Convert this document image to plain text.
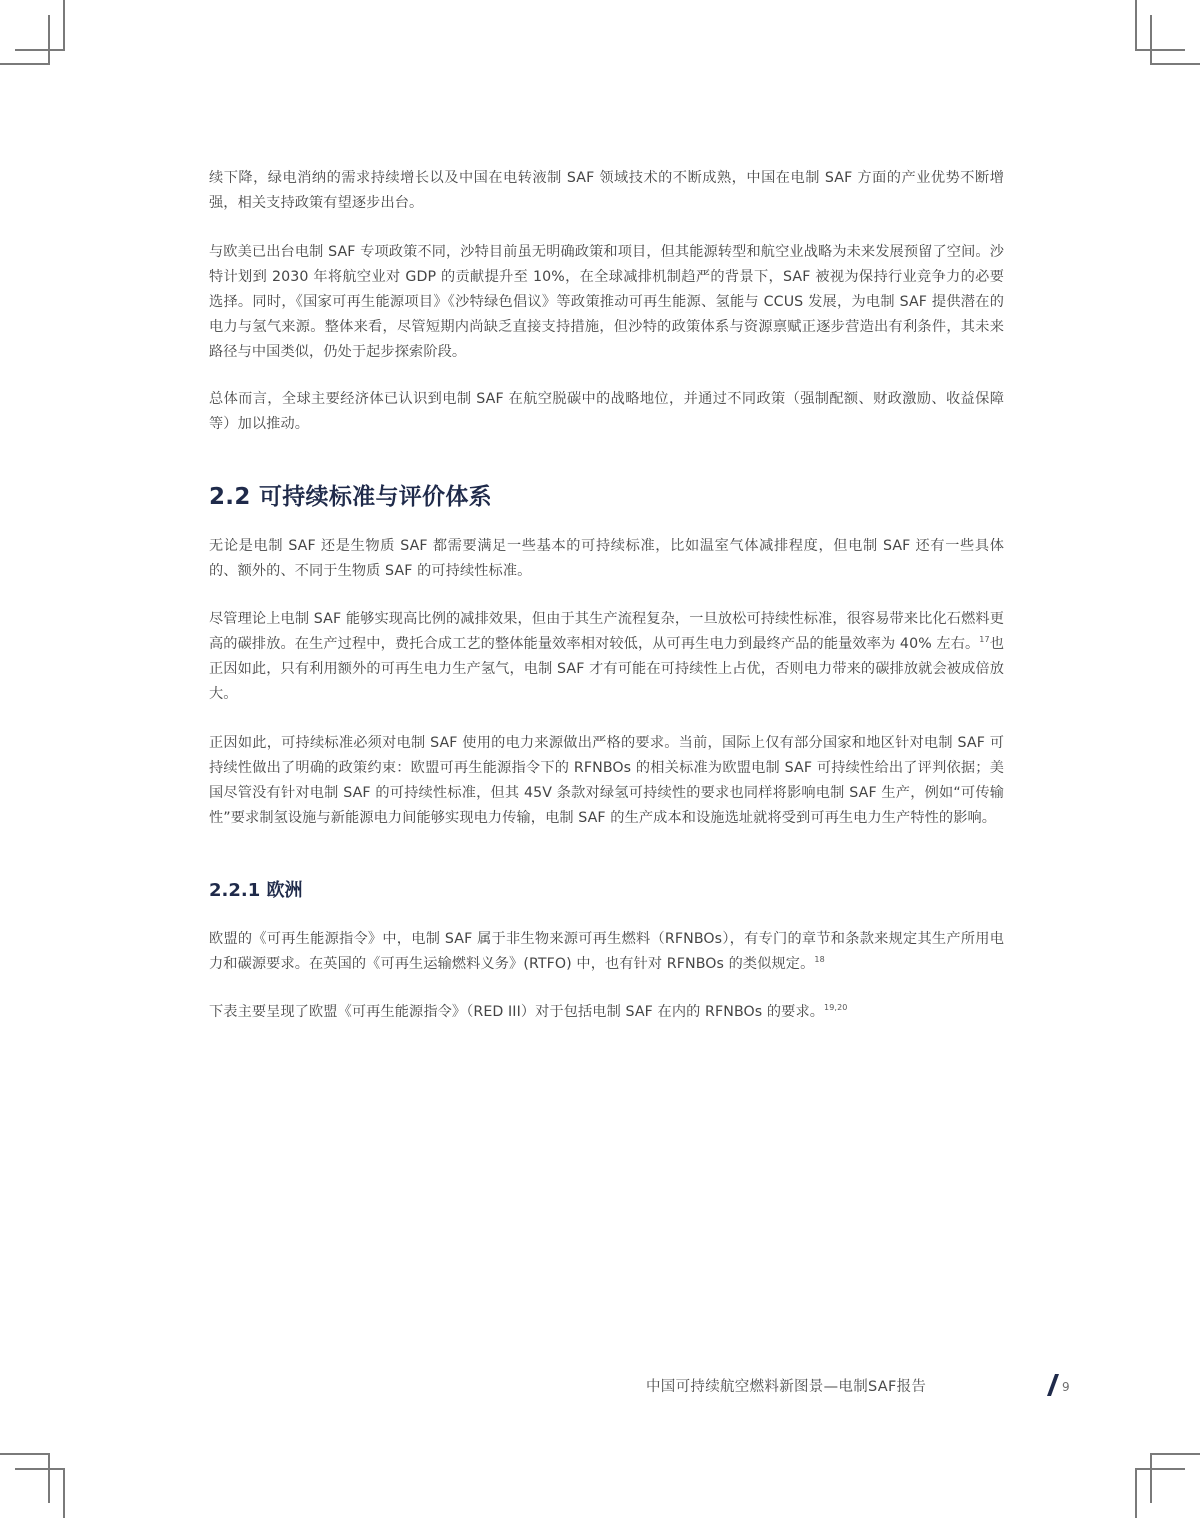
续下降，绿电消纳的需求持续增长以及中国在电转液制 SAF 领域技术的不断成熟，中国在电制 SAF 方面的产业优势不断增强，相关支持政策有望逐步出台。

与欧美已出台电制 SAF 专项政策不同，沙特目前虽无明确政策和项目，但其能源转型和航空业战略为未来发展预留了空间。沙特计划到 2030 年将航空业对 GDP 的贡献提升至 10%，在全球减排机制趋严的背景下，SAF 被视为保持行业竞争力的必要选择。同时，《国家可再生能源项目》《沙特绿色倡议》等政策推动可再生能源、氢能与 CCUS 发展，为电制 SAF 提供潜在的电力与氢气来源。整体来看，尽管短期内尚缺乏直接支持措施，但沙特的政策体系与资源禀赋正逐步营造出有利条件，其未来路径与中国类似，仍处于起步探索阶段。

总体而言，全球主要经济体已认识到电制 SAF 在航空脱碳中的战略地位，并通过不同政策（强制配额、财政激励、收益保障等）加以推动。

2.2 可持续标准与评价体系

无论是电制 SAF 还是生物质 SAF 都需要满足一些基本的可持续标准，比如温室气体减排程度，但电制 SAF 还有一些具体的、额外的、不同于生物质 SAF 的可持续性标准。

尽管理论上电制 SAF 能够实现高比例的减排效果，但由于其生产流程复杂，一旦放松可持续性标准，很容易带来比化石燃料更高的碳排放。在生产过程中，费托合成工艺的整体能量效率相对较低，从可再生电力到最终产品的能量效率为 40% 左右。$^{17}$也正因如此，只有利用额外的可再生电力生产氢气，电制 SAF 才有可能在可持续性上占优，否则电力带来的碳排放就会被成倍放大。

正因如此，可持续标准必须对电制 SAF 使用的电力来源做出严格的要求。当前，国际上仅有部分国家和地区针对电制 SAF 可持续性做出了明确的政策约束：欧盟可再生能源指令下的 RFNBOs 的相关标准为欧盟电制 SAF 可持续性给出了评判依据；美国尽管没有针对电制 SAF 的可持续性标准，但其 45V 条款对绿氢可持续性的要求也同样将影响电制 SAF 生产，例如“可传输性”要求制氢设施与新能源电力间能够实现电力传输，电制 SAF 的生产成本和设施选址就将受到可再生电力生产特性的影响。

2.2.1 欧洲

欧盟的《可再生能源指令》中，电制 SAF 属于非生物来源可再生燃料（RFNBOs），有专门的章节和条款来规定其生产所用电力和碳源要求。在英国的《可再生运输燃料义务》(RTFO) 中，也有针对 RFNBOs 的类似规定。$^{18}$

下表主要呈现了欧盟《可再生能源指令》（RED III）对于包括电制 SAF 在内的 RFNBOs 的要求。$^{19,20}$

中国可持续航空燃料新图景—电制SAF报告	9
